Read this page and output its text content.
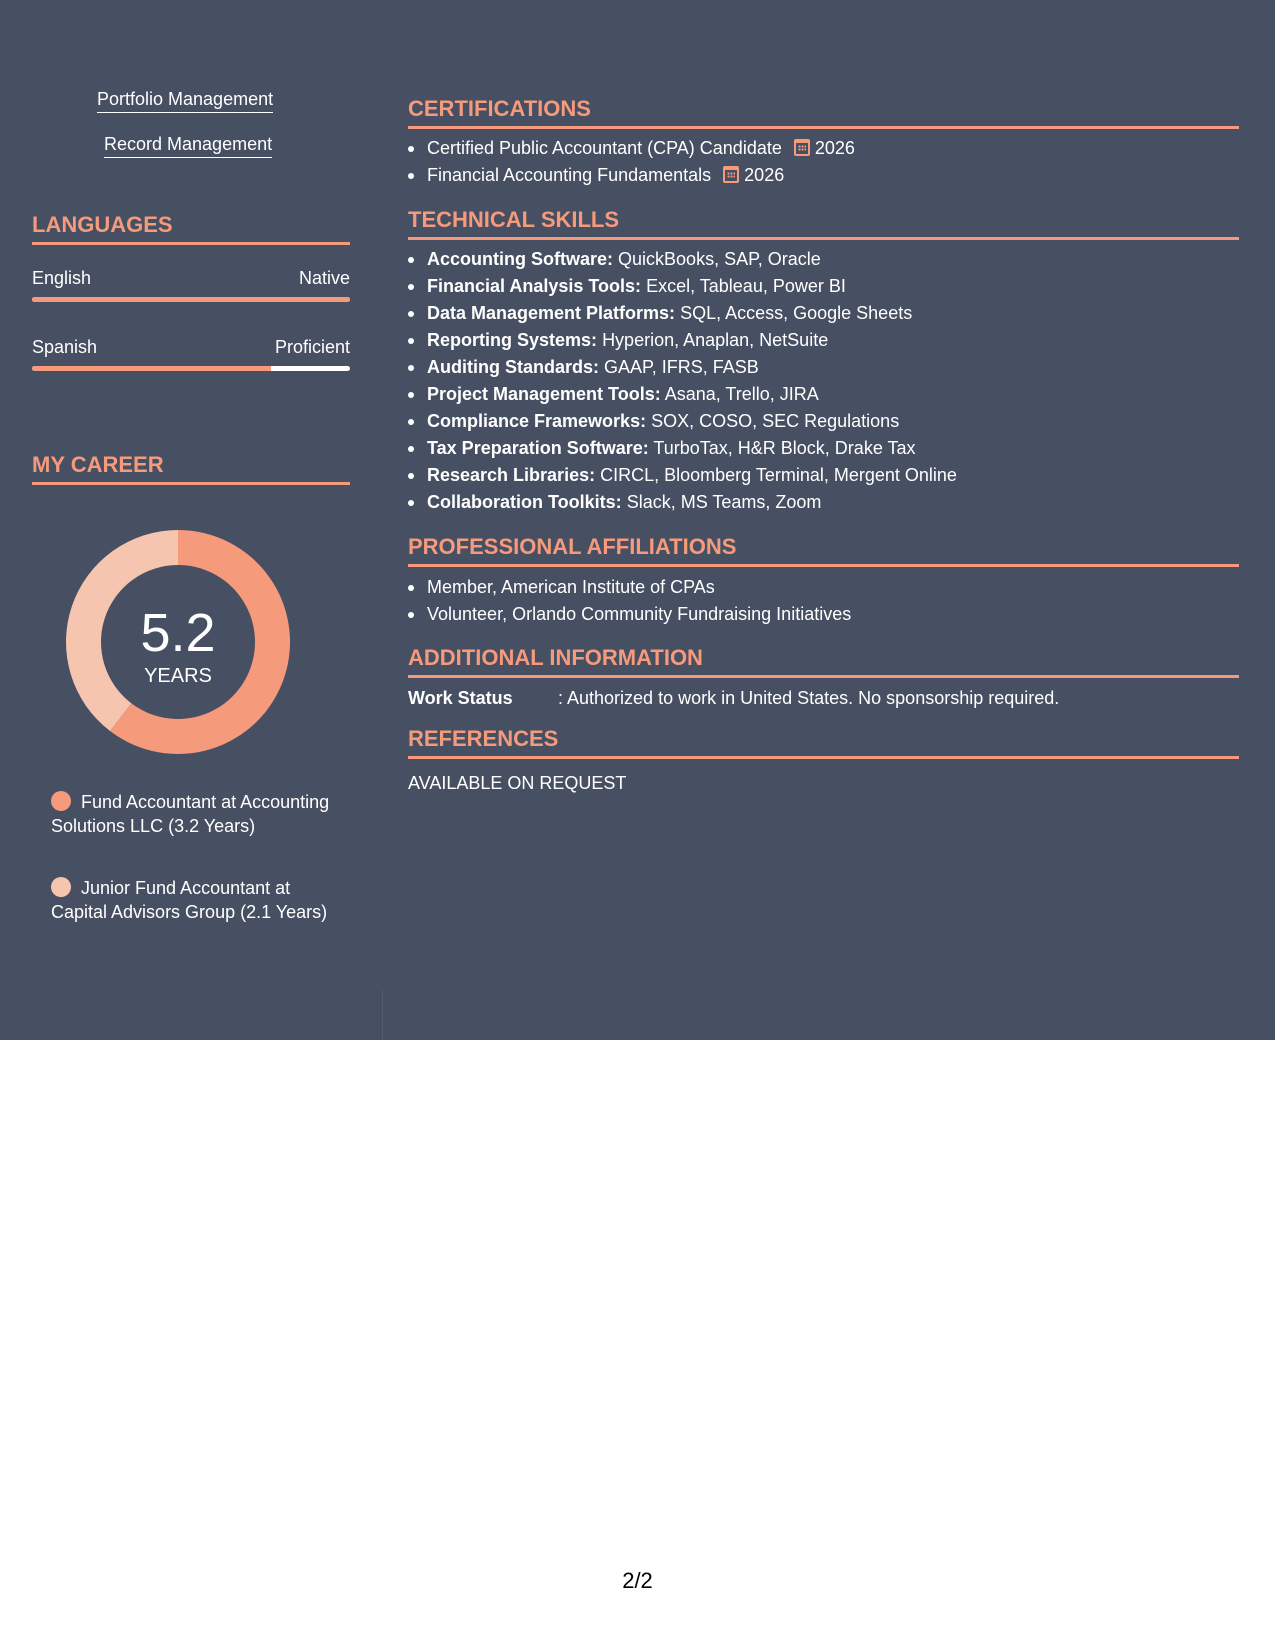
Portfolio Management
Record Management
LANGUAGES
English	Native
Spanish	Proficient
MY CAREER
5.2
YEARS
Fund Accountant at Accounting Solutions LLC (3.2 Years)
Junior Fund Accountant at Capital Advisors Group (2.1 Years)
CERTIFICATIONS
Certified Public Accountant (CPA) Candidate 2026
Financial Accounting Fundamentals 2026
TECHNICAL SKILLS
Accounting Software: QuickBooks, SAP, Oracle
Financial Analysis Tools: Excel, Tableau, Power BI
Data Management Platforms: SQL, Access, Google Sheets
Reporting Systems: Hyperion, Anaplan, NetSuite
Auditing Standards: GAAP, IFRS, FASB
Project Management Tools: Asana, Trello, JIRA
Compliance Frameworks: SOX, COSO, SEC Regulations
Tax Preparation Software: TurboTax, H&R Block, Drake Tax
Research Libraries: CIRCL, Bloomberg Terminal, Mergent Online
Collaboration Toolkits: Slack, MS Teams, Zoom
PROFESSIONAL AFFILIATIONS
Member, American Institute of CPAs
Volunteer, Orlando Community Fundraising Initiatives
ADDITIONAL INFORMATION
Work Status	: Authorized to work in United States. No sponsorship required.
REFERENCES
AVAILABLE ON REQUEST
2/2
